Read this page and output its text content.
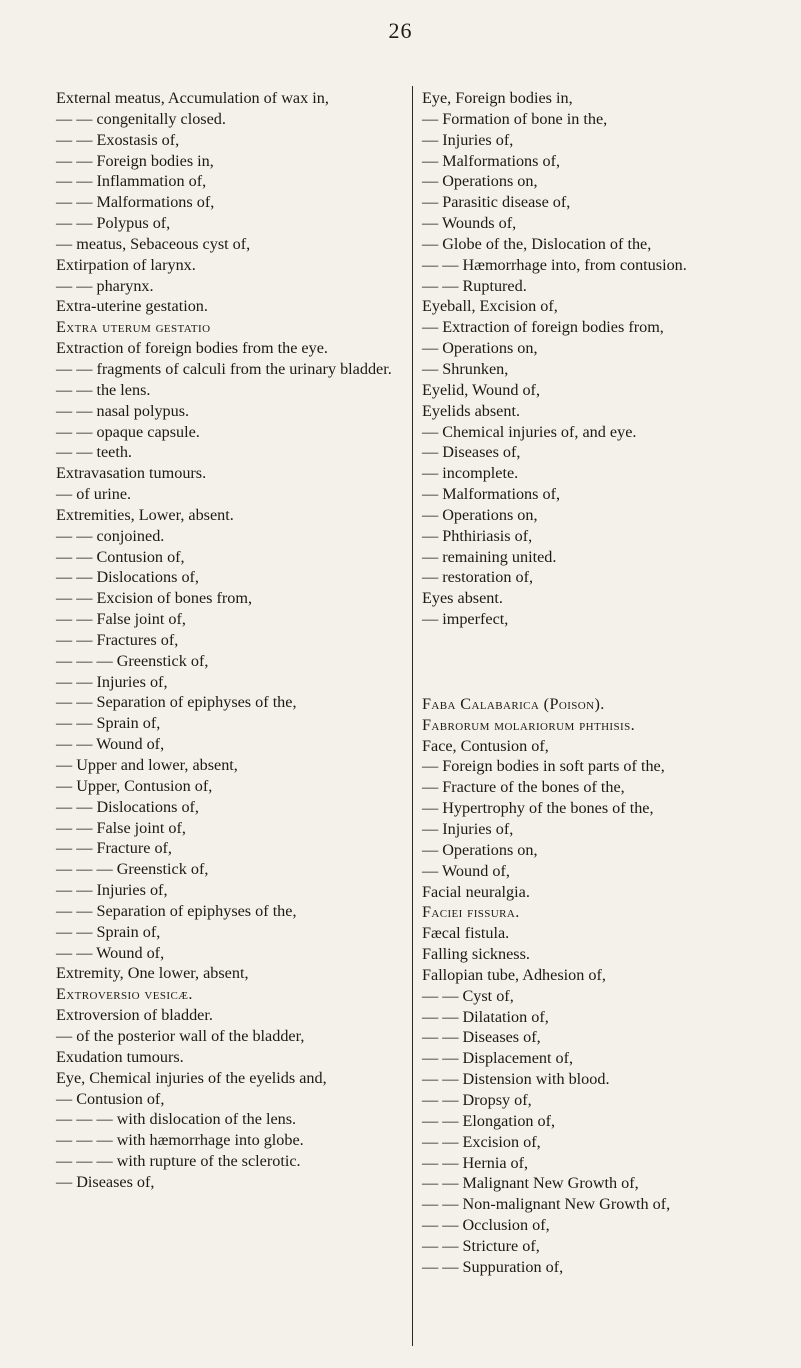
26
External meatus, Accumulation of wax in,
— — congenitally closed.
— — Exostasis of,
— — Foreign bodies in,
— — Inflammation of,
— — Malformations of,
— — Polypus of,
— meatus, Sebaceous cyst of,
Extirpation of larynx.
— — pharynx.
Extra-uterine gestation.
Extra uterum gestatio
Extraction of foreign bodies from the eye.
— — fragments of calculi from the urinary bladder.
— — the lens.
— — nasal polypus.
— — opaque capsule.
— — teeth.
Extravasation tumours.
— of urine.
Extremities, Lower, absent.
— — conjoined.
— — Contusion of,
— — Dislocations of,
— — Excision of bones from,
— — False joint of,
— — Fractures of,
— — — Greenstick of,
— — Injuries of,
— — Separation of epiphyses of the,
— — Sprain of,
— — Wound of,
— Upper and lower, absent,
— Upper, Contusion of,
— — Dislocations of,
— — False joint of,
— — Fracture of,
— — — Greenstick of,
— — Injuries of,
— — Separation of epiphyses of the,
— — Sprain of,
— — Wound of,
Extremity, One lower, absent,
Extroversio vesicæ.
Extroversion of bladder.
— of the posterior wall of the bladder,
Exudation tumours.
Eye, Chemical injuries of the eyelids and,
— Contusion of,
— — — with dislocation of the lens.
— — — with hæmorrhage into globe.
— — — with rupture of the sclerotic.
— Diseases of,
Eye, Foreign bodies in,
— Formation of bone in the,
— Injuries of,
— Malformations of,
— Operations on,
— Parasitic disease of,
— Wounds of,
— Globe of the, Dislocation of the,
— — Hæmorrhage into, from contusion.
— — Ruptured.
Eyeball, Excision of,
— Extraction of foreign bodies from,
— Operations on,
— Shrunken,
Eyelid, Wound of,
Eyelids absent.
— Chemical injuries of, and eye.
— Diseases of,
— incomplete.
— Malformations of,
— Operations on,
— Phthiriasis of,
— remaining united.
— restoration of,
Eyes absent.
— imperfect,
Faba Calabarica (Poison).
Fabrorum molariorum phthisis.
Face, Contusion of,
— Foreign bodies in soft parts of the,
— Fracture of the bones of the,
— Hypertrophy of the bones of the,
— Injuries of,
— Operations on,
— Wound of,
Facial neuralgia.
Faciei fissura.
Fæcal fistula.
Falling sickness.
Fallopian tube, Adhesion of,
— — Cyst of,
— — Dilatation of,
— — Diseases of,
— — Displacement of,
— — Distension with blood.
— — Dropsy of,
— — Elongation of,
— — Excision of,
— — Hernia of,
— — Malignant New Growth of,
— — Non-malignant New Growth of,
— — Occlusion of,
— — Stricture of,
— — Suppuration of,
